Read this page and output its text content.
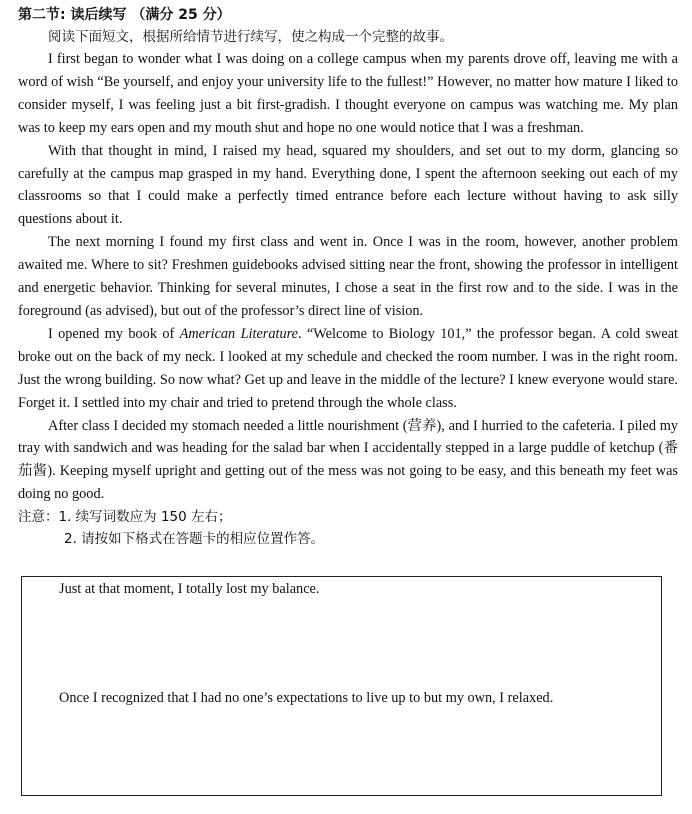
第二节: 读后续写 （满分 25 分）

阅读下面短文，根据所给情节进行续写，使之构成一个完整的故事。

I first began to wonder what I was doing on a college campus when my parents drove off, leaving me with a word of wish “Be yourself, and enjoy your university life to the fullest!” However, no matter how mature I liked to consider myself, I was feeling just a bit first-gradish. I thought everyone on campus was watching me. My plan was to keep my ears open and my mouth shut and hope no one would notice that I was a freshman.

With that thought in mind, I raised my head, squared my shoulders, and set out to my dorm, glancing so carefully at the campus map grasped in my hand. Everything done, I spent the afternoon seeking out each of my classrooms so that I could make a perfectly timed entrance before each lecture without having to ask silly questions about it.

The next morning I found my first class and went in. Once I was in the room, however, another problem awaited me. Where to sit? Freshmen guidebooks advised sitting near the front, showing the professor in intelligent and energetic behavior. Thinking for several minutes, I chose a seat in the first row and to the side. I was in the foreground (as advised), but out of the professor’s direct line of vision.

I opened my book of American Literature. “Welcome to Biology 101,” the professor began. A cold sweat broke out on the back of my neck. I looked at my schedule and checked the room number. I was in the right room. Just the wrong building. So now what? Get up and leave in the middle of the lecture? I knew everyone would stare. Forget it. I settled into my chair and tried to pretend through the whole class.

After class I decided my stomach needed a little nourishment (营养), and I hurried to the cafeteria. I piled my tray with sandwich and was heading for the salad bar when I accidentally stepped in a large puddle of ketchup (番茄酱). Keeping myself upright and getting out of the mess was not going to be easy, and this beneath my feet was doing no good.

注意：1. 续写词数应为 150 左右；

2. 请按如下格式在答题卡的相应位置作答。

Just at that moment, I totally lost my balance.

Once I recognized that I had no one’s expectations to live up to but my own, I relaxed.
